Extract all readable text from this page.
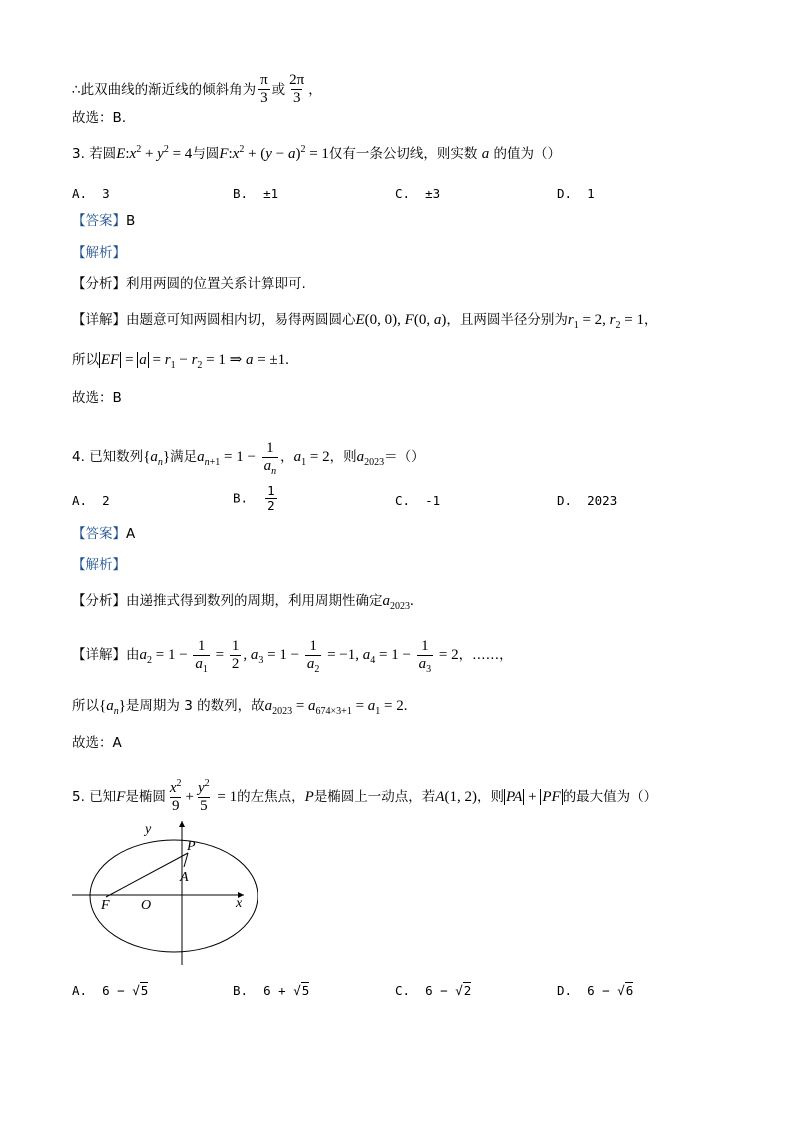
∴此双曲线的渐近线的倾斜角为 $\frac{\pi}{3}$ 或 $\frac{2\pi}{3}$ ，
故选：B.
3. 若圆$E:x^2 + y^2 = 4$与圆$F:x^2 + (y - a)^2 = 1$仅有一条公切线，则实数 a 的值为（）
A. 3	B. ±1	C. ±3	D. 1
【答案】B
【解析】
【分析】利用两圆的位置关系计算即可.
【详解】由题意可知两圆相内切，易得两圆圆心E(0, 0), F(0, a)，且两圆半径分别为$r_1 = 2$, $r_2 = 1$，
所以 EF = $a = r_1 - r_2 = 1$ ⇒ a = ±1.
故选：B
4. 已知数列$\{a_n\}$满足$a_{n+1} = 1 - \frac{1}{a_n}$ ，$a_1 = 2$，则$a_{2023}=()$
A. 2	B. $\frac{1}{2}$	C. -1	D. 2023
【答案】A
【解析】
【分析】由递推式得到数列的周期，利用周期性确定$a_{2023}$.
【详解】由$a_2 = 1 - \frac{1}{a_1} = \frac{1}{2}$ , $a_3 = 1 - \frac{1}{a_2} = -1$, $a_4 = 1 - \frac{1}{a_3} = 2$，……，
所以$\{a_n\}$是周期为 3 的数列，故$a_{2023} = a_{674\times 3+1} = a_1 = 2$.
故选：A
5. 已知F是椭圆 $\frac{x^2}{9} + \frac{y^2}{5} = 1$的左焦点，P是椭圆上一动点，若A(1, 2)，则 PA + PF 的最大值为（）
y
x
P
A
F O
A. 6 − √5	B. 6 + √5	C. 6 − √2	D. 6 − √6
